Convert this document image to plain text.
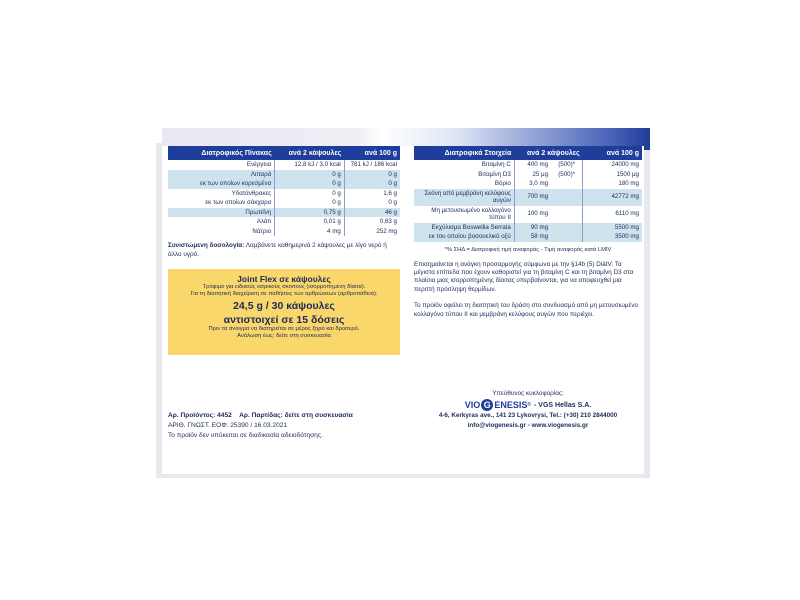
Διατροφικός Πίνακας	ανά 2 κάψουλες	ανά 100 g
Ενέργεια	12,8 kJ / 3,0 kcal	781 kJ / 186 kcal
Λιπαρά	0 g	0 g
εκ των οποίων κορεσμένα	0 g	0 g
Υδατάνθρακες	0 g	1,6 g
εκ των οποίων σάκχαρα	0 g	0 g
Πρωτεΐνη	0,75 g	46 g
Αλάτι	0,01 g	0,63 g
Νάτριο	4 mg	252 mg
Συνιστώμενη δοσολογία: Λαμβάνετε καθημερινά 2 κάψουλες με λίγο νερό ή άλλο υγρό.
Joint Flex σε κάψουλες
Τρόφιμο για ειδικούς ιατρικούς σκοπούς (ισορροπημένη δίαιτα).
Για τη διαιτητική διαχείριση σε παθήσεις των αρθρώσεων (αρθροπάθεια).
24,5 g / 30 κάψουλες
αντιστοιχεί σε 15 δόσεις
Πριν τα άνοιγμα να διατηρείται σε μέρος ξηρό και δροσερό.
Ανάλωση έως: δείτε στη συσκευασία
Αρ. Προϊόντος: 4452 Αρ. Παρτίδας: δείτε στη συσκευασία
ΑΡΙΘ. ΓΝΩΣΤ. ΕΟΦ: 25390 / 16.03.2021
Το προϊόν δεν υπόκειται σε διαδικασία αδειοδότησης.
Διατροφικά Στοιχεία	ανά 2 κάψουλες		ανά 100 g
Βιταμίνη C	400 mg	(500)*	24000 mg
Βιταμίνη D3	25 μg	(500)*	1500 μg
Βόριο	3,0 mg		180 mg
Σκόνη από μεμβράνη κελύφους αυγών	700 mg		42772 mg
Μη μετουσιωμένο κολλαγόνο τύπου II	100 mg		6110 mg
Εκχύλισμα Boswellia Serrata	90 mg		5500 mg
εκ του οποίου βοσουελικό οξύ	58 mg		3500 mg
*% ΣΗΔ = Διατροφική τιμή αναφοράς - Τιμή αναφοράς κατά LMIV
Επισημαίνεται η ανάγκη προσαρμογής σύμφωνα με την §14b (5) DiätV: Τα μέγιστα επίπεδα που έχουν καθοριστεί για τη βιταμίνη C και τη βιταμίνη D3 στα πλαίσια μιας ισορροπημένης δίαιτας υπερβαίνονται, για να αποφευχθεί μια περιττή πρόσληψη θερμίδων.
Το προϊόν οφείλει τη διαιτητική του δράση στο συνδυασμό από μη μετουσιωμένο κολλαγόνο τύπου II και μεμβράνη κελύφους αυγών που περιέχει.
Υπεύθυνος κυκλοφορίας:
VIO G ENESIS ® - VGS Hellas S.A.
4-6, Kerkyras ave., 141 23 Lykovrysi, Tel.: (+30) 210 2844000
info@viogenesis.gr - www.viogenesis.gr
